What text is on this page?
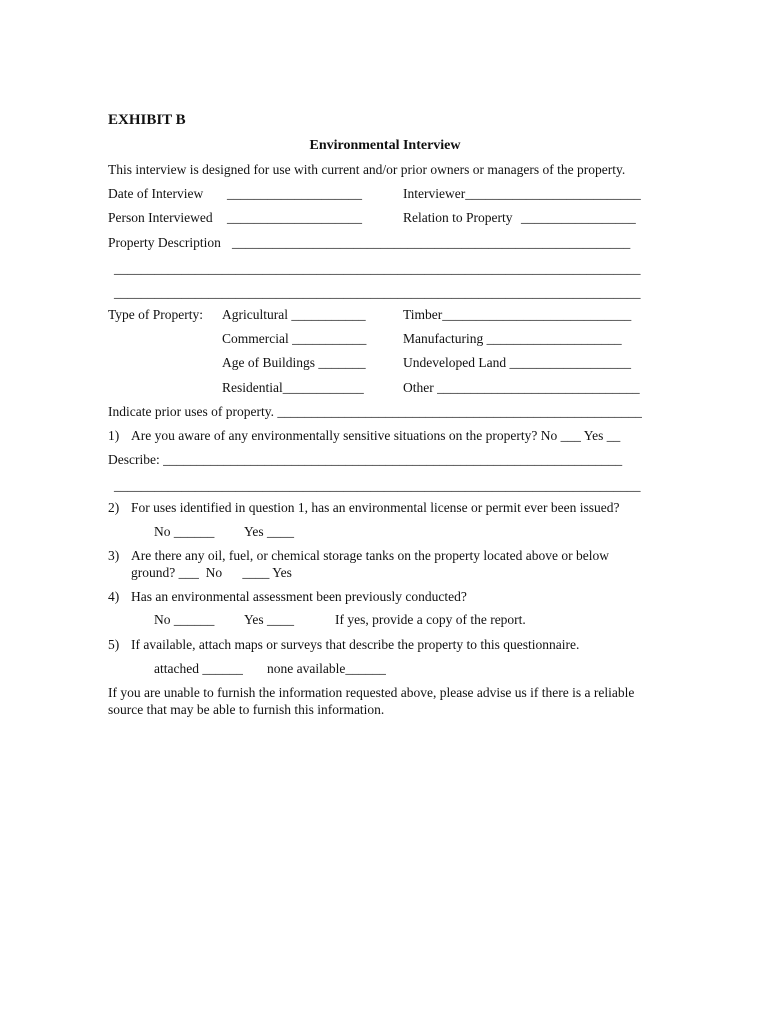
EXHIBIT B
Environmental Interview
This interview is designed for use with current and/or prior owners or managers of the property.
Date of Interview ____________________	Interviewer__________________________
Person Interviewed ____________________	Relation to Property _________________
Property Description ___________________________________________________________
______________________________________________________________________________
______________________________________________________________________________
Type of Property: Agricultural ___________	Timber____________________________
Commercial ___________	Manufacturing ____________________
Age of Buildings _______	Undeveloped Land __________________
Residential____________	Other ______________________________
Indicate prior uses of property. ______________________________________________________
1) Are you aware of any environmentally sensitive situations on the property? No ___ Yes __
Describe: ____________________________________________________________________
______________________________________________________________________________
2) For uses identified in question 1, has an environmental license or permit ever been issued?
No ______ Yes ____
3) Are there any oil, fuel, or chemical storage tanks on the property located above or below
ground? ___  No      ____ Yes
4) Has an environmental assessment been previously conducted?
No ______ Yes ____	If yes, provide a copy of the report.
5) If available, attach maps or surveys that describe the property to this questionnaire.
attached ______ none available______
If you are unable to furnish the information requested above, please advise us if there is a reliable
source that may be able to furnish this information.
